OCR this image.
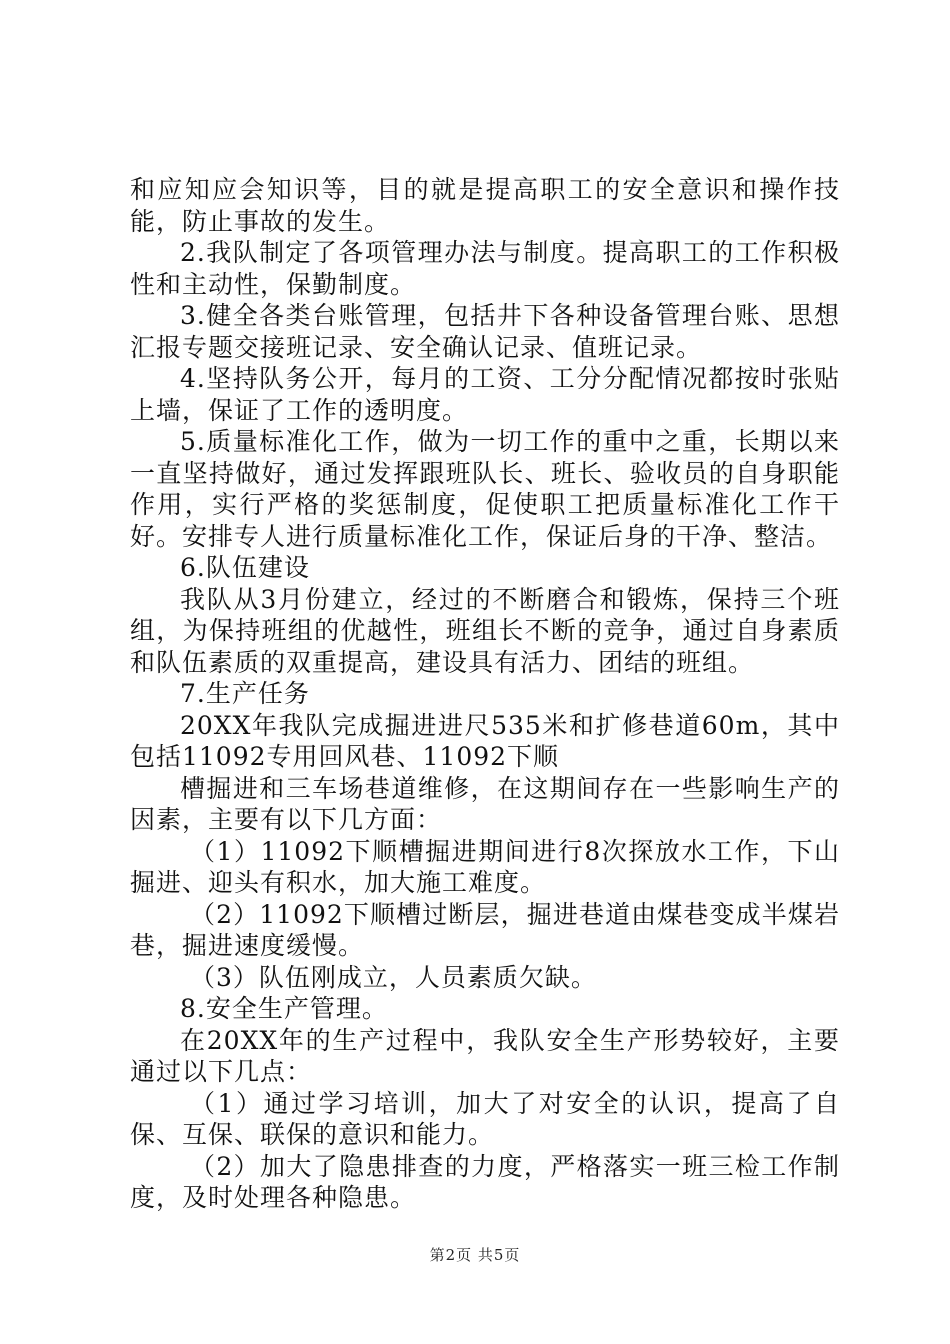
和应知应会知识等，目的就是提高职工的安全意识和操作技能，防止事故的发生。

2.我队制定了各项管理办法与制度。提高职工的工作积极性和主动性，保勤制度。

3.健全各类台账管理，包括井下各种设备管理台账、思想汇报专题交接班记录、安全确认记录、值班记录。

4.坚持队务公开，每月的工资、工分分配情况都按时张贴上墙，保证了工作的透明度。

5.质量标准化工作，做为一切工作的重中之重，长期以来一直坚持做好，通过发挥跟班队长、班长、验收员的自身职能作用，实行严格的奖惩制度，促使职工把质量标准化工作干好。安排专人进行质量标准化工作，保证后身的干净、整洁。

6.队伍建设

我队从3月份建立，经过的不断磨合和锻炼，保持三个班组，为保持班组的优越性，班组长不断的竞争，通过自身素质和队伍素质的双重提高，建设具有活力、团结的班组。

7.生产任务

20XX年我队完成掘进进尺535米和扩修巷道60m，其中包括11092专用回风巷、11092下顺

槽掘进和三车场巷道维修，在这期间存在一些影响生产的因素，主要有以下几方面：

（1）11092下顺槽掘进期间进行8次探放水工作，下山掘进、迎头有积水，加大施工难度。

（2）11092下顺槽过断层，掘进巷道由煤巷变成半煤岩巷，掘进速度缓慢。

（3）队伍刚成立，人员素质欠缺。

8.安全生产管理。

在20XX年的生产过程中，我队安全生产形势较好，主要通过以下几点：

（1）通过学习培训，加大了对安全的认识，提高了自保、互保、联保的意识和能力。

（2）加大了隐患排查的力度，严格落实一班三检工作制度，及时处理各种隐患。

第2页 共5页
